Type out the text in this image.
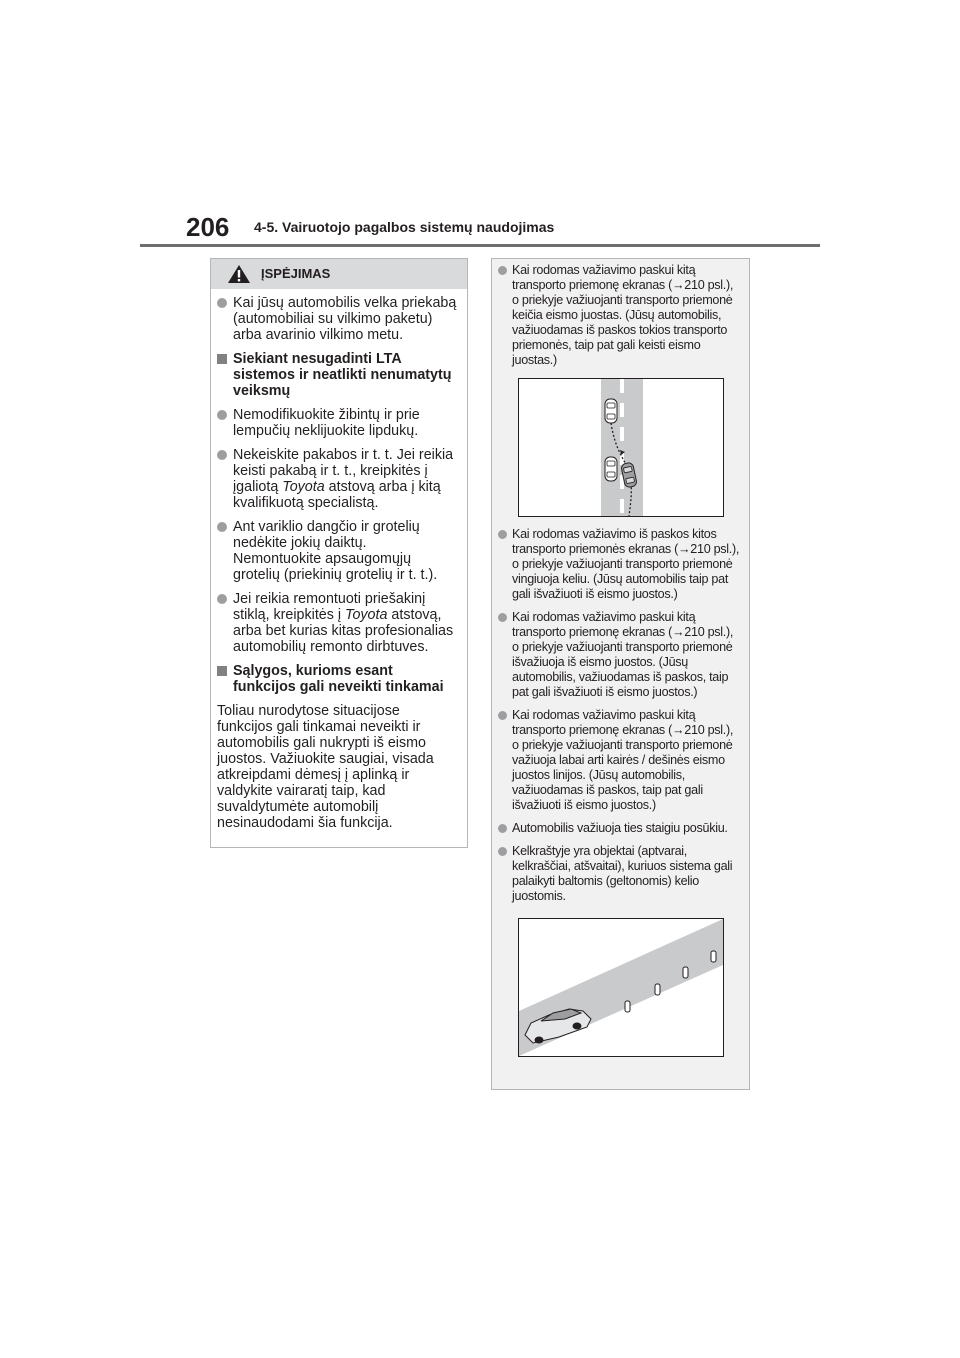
206 4-5. Vairuotojo pagalbos sistemų naudojimas
ĮSPĖJIMAS
Kai jūsų automobilis velka priekabą (automobiliai su vilkimo paketu) arba avarinio vilkimo metu.
Siekiant nesugadinti LTA sistemos ir neatlikti nenumatytų veiksmų
Nemodifikuokite žibintų ir prie lempučių neklijuokite lipdukų.
Nekeiskite pakabos ir t. t. Jei reikia keisti pakabą ir t. t., kreipkitės į įgaliotą Toyota atstovą arba į kitą kvalifikuotą specialistą.
Ant variklio dangčio ir grotelių nedėkite jokių daiktų. Nemontuokite apsaugomųjų grotelių (priekinių grotelių ir t. t.).
Jei reikia remontuoti priešakinį stiklą, kreipkitės į Toyota atstovą, arba bet kurias kitas profesionalias automobilių remonto dirbtuves.
Sąlygos, kurioms esant funkcijos gali neveikti tinkamai
Toliau nurodytose situacijose funkcijos gali tinkamai neveikti ir automobilis gali nukrypti iš eismo juostos. Važiuokite saugiai, visada atkreipdami dėmesį į aplinką ir valdykite vairaratį taip, kad suvaldytumėte automobilį nesinaudodami šia funkcija.
Kai rodomas važiavimo paskui kitą transporto priemonę ekranas (→210 psl.), o priekyje važiuojanti transporto priemonė keičia eismo juostas. (Jūsų automobilis, važiuodamas iš paskos tokios transporto priemonės, taip pat gali keisti eismo juostas.)
Kai rodomas važiavimo iš paskos kitos transporto priemonės ekranas (→210 psl.), o priekyje važiuojanti transporto priemonė vingiuoja keliu. (Jūsų automobilis taip pat gali išvažiuoti iš eismo juostos.)
Kai rodomas važiavimo paskui kitą transporto priemonę ekranas (→210 psl.), o priekyje važiuojanti transporto priemonė išvažiuoja iš eismo juostos. (Jūsų automobilis, važiuodamas iš paskos, taip pat gali išvažiuoti iš eismo juostos.)
Kai rodomas važiavimo paskui kitą transporto priemonę ekranas (→210 psl.), o priekyje važiuojanti transporto priemonė važiuoja labai arti kairės / dešinės eismo juostos linijos. (Jūsų automobilis, važiuodamas iš paskos, taip pat gali išvažiuoti iš eismo juostos.)
Automobilis važiuoja ties staigiu posūkiu.
Kelkraštyje yra objektai (aptvarai, kelkraščiai, atšvaitai), kuriuos sistema gali palaikyti baltomis (geltonomis) kelio juostomis.
